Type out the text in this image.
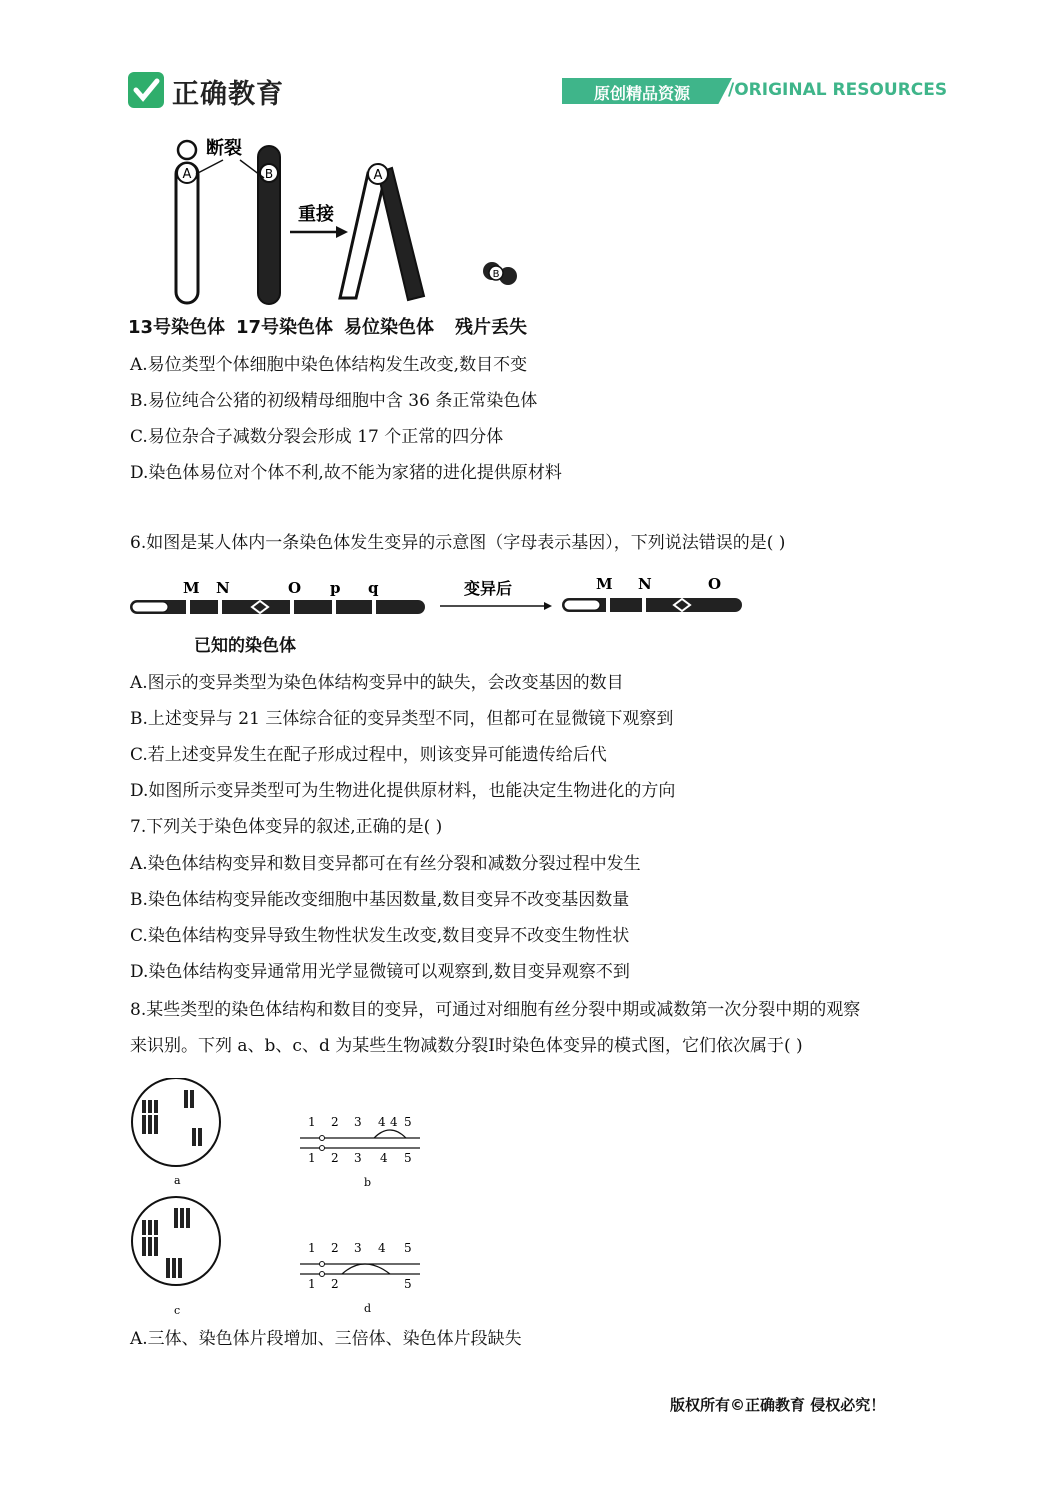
正确教育	原创精品资源 /ORIGINAL RESOURCES
A	B
断裂
重接
A
B
13号染色体 17号染色体 易位染色体 残片丢失
A.易位类型个体细胞中染色体结构发生改变,数目不变
B.易位纯合公猪的初级精母细胞中含 36 条正常染色体
C.易位杂合子减数分裂会形成 17 个正常的四分体
D.染色体易位对个体不利,故不能为家猪的进化提供原材料
6.如图是某人体内一条染色体发生变异的示意图（字母表示基因），下列说法错误的是( )
M N	O p q	变异后	M N	O
已知的染色体
A.图示的变异类型为染色体结构变异中的缺失，会改变基因的数目
B.上述变异与 21 三体综合征的变异类型不同，但都可在显微镜下观察到
C.若上述变异发生在配子形成过程中，则该变异可能遗传给后代
D.如图所示变异类型可为生物进化提供原材料，也能决定生物进化的方向
7.下列关于染色体变异的叙述,正确的是( )
A.染色体结构变异和数目变异都可在有丝分裂和减数分裂过程中发生
B.染色体结构变异能改变细胞中基因数量,数目变异不改变基因数量
C.染色体结构变异导致生物性状发生改变,数目变异不改变生物性状
D.染色体结构变异通常用光学显微镜可以观察到,数目变异观察不到
8.某些类型的染色体结构和数目的变异，可通过对细胞有丝分裂中期或减数第一次分裂中期的观察
来识别。下列 a、b、c、d 为某些生物减数分裂Ⅰ时染色体变异的模式图，它们依次属于( )
a
c
1 2 3 4 4 5
1 2 3 4 5
b
1 2 3 4 5
1 2	5
d
A.三体、染色体片段增加、三倍体、染色体片段缺失
版权所有©正确教育 侵权必究！
